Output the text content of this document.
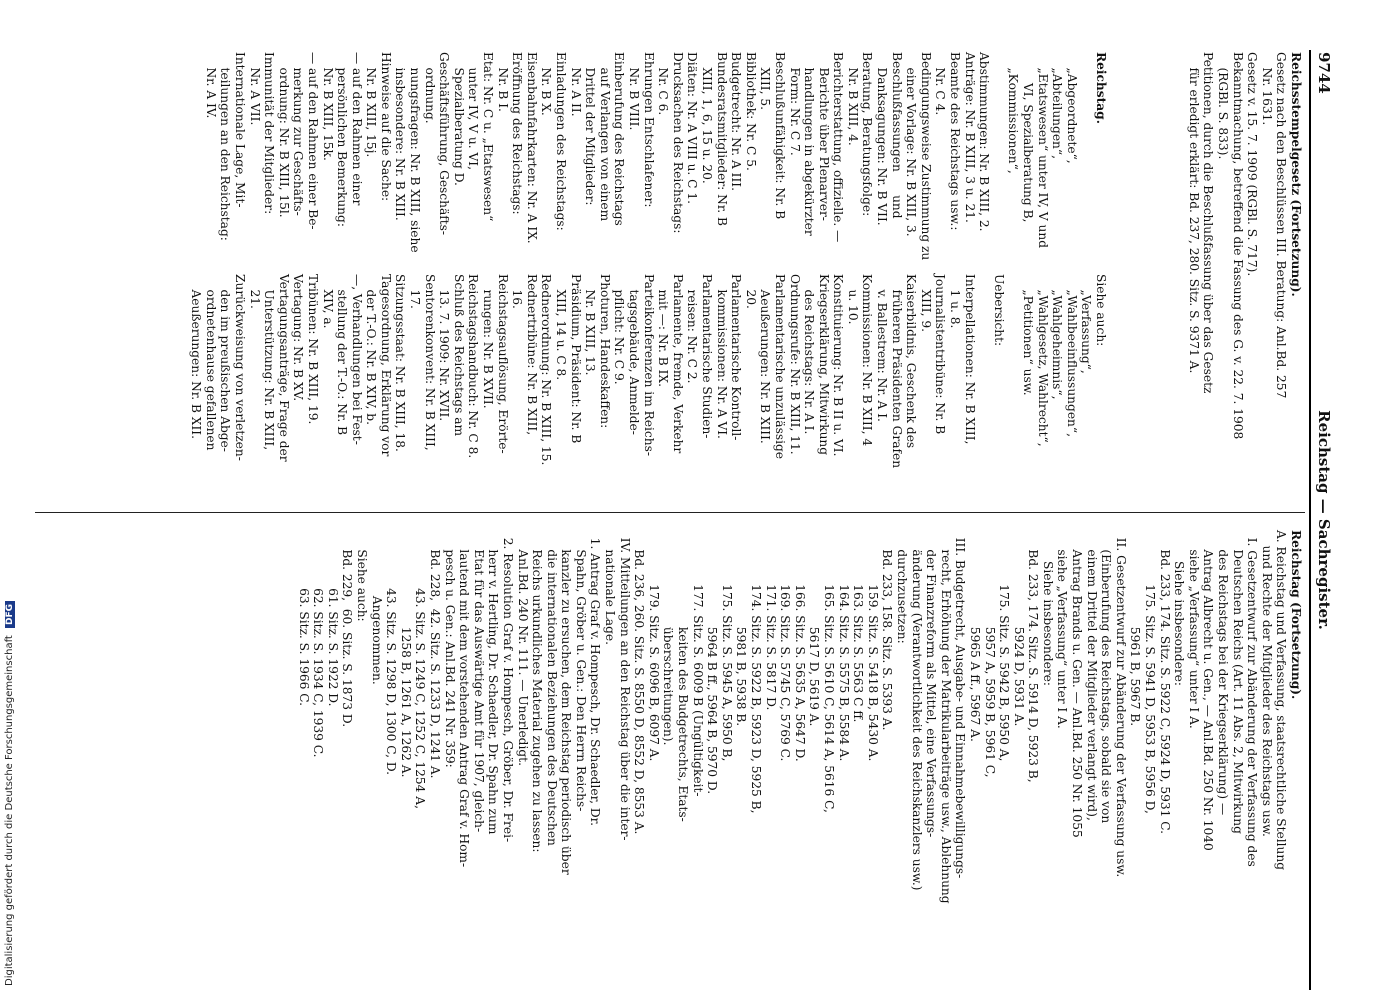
9744
Reichstag — Sachregister.

Reichsstempelgesetz (Fortsetzung).

Gesetz nach den Beschlüssen III. Beratung: Anl.Bd. 257

Nr. 1631.

Gesetz v. 15. 7. 1909 (RGBl. S. 717).

Bekanntmachung, betreffend die Fassung des G. v. 22. 7. 1908

(RGBl. S. 833).

Petitionen, durch die Beschlußfassung über das Gesetz

für erledigt erklärt: Bd. 237, 280. Sitz. S. 9371 A.

Reichstag.

„Abgeordnete“,

„Abteilungen“,

„Etatswesen“ unter IV, V und

VI, Spezialberatung B,

„Kommissionen“,

Abstimmungen: Nr. B XIII, 2.

Anträge: Nr. B XIII, 3 u. 21.

Beamte des Reichstags usw.:

Nr. C 4.

Bedingungsweise Zustimmung zu

einer Vorlage: Nr. B XIII, 3.

Beschlußfassungen      und

Danksagungen: Nr. B VII.

Beratung, Beratungsfolge:

Nr. B XIII, 4.

Berichterstattung, offizielle. —

Berichte über Plenarver-

handlungen in abgekürzter

Form: Nr. C 7.

Beschlußunfähigkeit: Nr. B

XIII, 5.

Bibliothek: Nr. C 5.

Budgetrecht: Nr. A III.

Bundesratsmitglieder: Nr. B

XIII, 1, 6, 15 u. 20.

Diäten: Nr. A VIII u. C 1.

Drucksachen des Reichstags:

Nr. C 6.

Ehrungen Entschlafener:

Nr. B VIII.

Einberufung des Reichstags

auf Verlangen von einem

Drittel der Mitglieder:

Nr. A II.

Einladungen des Reichstags:

Nr. B X.

Eisenbahnfahrkarten: Nr. A IX.

Eröffnung des Reichstags:

Nr. B I.

Etat: Nr. C u. „Etatswesen“

unter IV, V u. VI,

Spezialberatung D.

Geschäftsführung, Geschäfts-

ordnung.

nungsfragen: Nr. B XIII, siehe

insbesondere: Nr. B XIII.

Hinweise auf die Sache:

Nr. B XIII, 15j.

— auf den Rahmen einer

persönlichen Bemerkung:

Nr. B XIII, 15k.

— auf den Rahmen einer Be-

merkung zur Geschäfts-

ordnung: Nr. B XIII, 15l.

Immunität der Mitglieder:

Nr. A VII.

Internationale Lage, Mit-

teilungen an den Reichstag:

Nr. A IV.

Siehe auch:

„Verfassung“,

„Wahlbeeinflussungen“,

„Wahlgeheimnis“,

„Wahlgesetz, Wahlrecht“,

„Petitionen“ usw.

Uebersicht:

Interpellationen: Nr. B XIII,

1 u. 8.

Journalistentribüne: Nr. B

XIII, 9.

Kaiserbildnis, Geschenk des

früheren Präsidenten Grafen

v. Ballestrem: Nr. A I.

Kommissionen: Nr. B XIII, 4

u. 10.

Konstituierung: Nr. B II u. VI.

Kriegserklärung, Mitwirkung

des Reichstags: Nr. A I.

Ordnungsrufe: Nr. B XIII, 11.

Parlamentarische unzulässige

Aeußerungen: Nr. B XIII.

20.

Parlamentarische Kontroll-

kommissionen: Nr. A VI.

Parlamentarische Studien-

reisen: Nr. C 2.

Parlamente, fremde, Verkehr

mit —: Nr. B IX.

Parteikonferenzen im Reichs-

tagsgebäude, Anmelde-

pflicht: Nr. C 9.

Photuren, Handeskaffen:

Nr. B XIII, 13.

Präsidium, Präsident: Nr. B

XIII, 14 u. C 8.

Rednerordnung: Nr. B XIII, 15.

Rednertribüne: Nr. B XIII,

16.

Reichstagsauflösung, Erörte-

rungen: Nr. B XVII.

Reichstagshandbuch: Nr. C 8.

Schluß des Reichstags am

13. 7. 1909: Nr. XVII.

Sentorenkonvent: Nr. B XIII,

17.

Sitzungsstaat: Nr. B XIII, 18.

Tagesordnung, Erklärung vor

der T.-O.: Nr. B XIV, b.

—, Verhandlungen bei Fest-

stellung der T.-O.: Nr. B

XIV, a.

Tribünen: Nr. B XIII, 19.

Vertagung: Nr. B XV.

Vertagungsanträge, Frage der

Unterstützung: Nr. B XIII,

21.

Zurückweisung von verletzen-

den im preußischen Abge-

ordnetenhause gefallenen

Aeußerungen: Nr. B XII.

Reichstag (Fortsetzung).

A. Reichstag und Verfassung, staatsrechtliche Stellung

und Rechte der Mitglieder des Reichstags usw.

I. Gesetzentwurf zur Abänderung der Verfassung des

Deutschen Reichs (Art. 11 Abs. 2, Mitwirkung

des Reichstags bei der Kriegserklärung) —

Antrag Albrecht u. Gen., — Anl.Bd. 250 Nr. 1040

siehe „Verfassung“ unter I A.

Siehe insbesondere:

Bd. 233, 174. Sitz. S. 5922 C, 5924 D, 5931 C.

175. Sitz. S. 5941 D, 5953 B, 5956 D,

5961 B, 5967 B.

II. Gesetzentwurf zur Abänderung der Verfassung usw.

(Einberufung des Reichstags, sobald sie von

einem Drittel der Mitglieder verlangt wird),

Antrag Brands u. Gen. — Anl.Bd. 250 Nr. 1055

siehe „Verfassung“ unter I A.

Siehe insbesondere:

Bd. 233, 174. Sitz. S. 5914 D, 5923 B,

5924 D, 5931 A.

175. Sitz. S. 5942 B, 5950 A,

5957 A, 5959 B, 5961 C,

5965 A ff., 5967 A.

III. Budgetrecht, Ausgabe- und Einnahmebewilligungs-

recht, Erhöhung der Matrikularbeiträge usw., Ablehnung

der Finanzreform als Mittel, eine Verfassungs-

änderung (Verantwortlichkeit des Reichskanzlers usw.)

durchzusetzen:

Bd. 233, 158. Sitz. S. 5393 A.

159. Sitz. S. 5418 B, 5430 A.

163. Sitz. S. 5563 C ff.

164. Sitz. S. 5575 B, 5584 A.

165. Sitz. S. 5610 C, 5614 A, 5616 C,

5617 D, 5619 A.

166. Sitz. S. 5635 A, 5647 D.

169. Sitz. S. 5745 C, 5769 C.

171. Sitz. S. 5817 D.

174. Sitz. S. 5922 B, 5923 D, 5925 B,

5981 B, 5938 B.

175. Sitz. S. 5945 A, 5950 B,

5964 B ff., 5964 B, 5970 D.

177. Sitz. S. 6009 B (Ungültigkeit-

keiten des Budgetrechts, Etats-

überschreitungen).

179. Sitz. S. 6096 B, 6097 A.

Bd. 236, 260. Sitz. S. 8550 D, 8552 D, 8553 A.

IV. Mitteilungen an den Reichstag über die inter-

nationale Lage.

1. Antrag Graf v. Hompesch, Dr. Schaedler, Dr.

Spahn, Gröber u. Gen.: Den Herrn Reichs-

kanzler zu ersuchen, dem Reichstag periodisch über

die internationalen Beziehungen des Deutschen

Reichs urkundliches Material zugehen zu lassen:

Anl.Bd. 240 Nr. 111. — Unerledigt.

2. Resolution Graf v. Hompesch, Gröber, Dr. Frei-

herr v. Hertling, Dr. Schaedler, Dr. Spahn zum

Etat für das Auswärtige Amt für 1907, gleich-

lautend mit dem vorstehenden Antrag Graf v. Hom-

pesch u. Gen.: Anl.Bd. 241 Nr. 359:

Bd. 228,  42. Sitz. S. 1233 D, 1241 A.

43. Sitz. S. 1249 C, 1252 C, 1254 A,

1258 B, 1261 A, 1262 A.

43. Sitz. S. 1298 D, 1300 C, D.

Angenommen.

Siehe auch:

Bd. 229,  60. Sitz. S. 1873 D.

61. Sitz. S. 1922 D.

62. Sitz. S. 1934 C, 1939 C.

63. Sitz. S. 1966 C.

Digitalisierung gefördert durch die Deutsche Forschungsgemeinschaft DFG
